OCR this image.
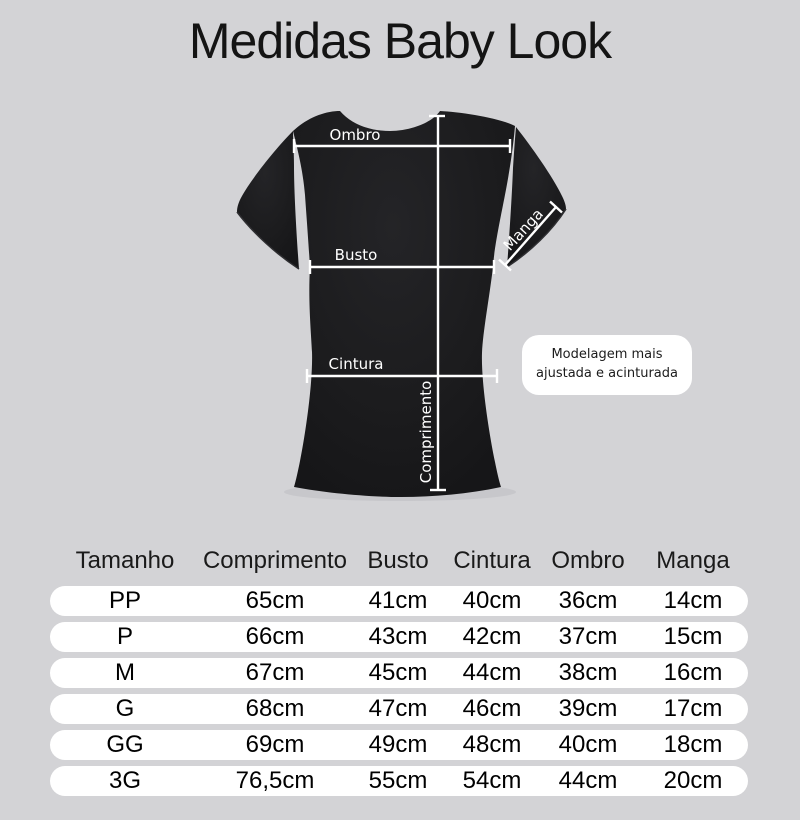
Medidas Baby Look
Ombro
Busto
Cintura
Comprimento
Manga
Modelagem mais ajustada e acinturada
Tamanho	Comprimento Busto	Cintura Ombro	Manga
PP	65cm	41cm	40cm	36cm	14cm
P	66cm	43cm	42cm	37cm	15cm
M	67cm	45cm	44cm	38cm	16cm
G	68cm	47cm	46cm	39cm	17cm
GG	69cm	49cm	48cm	40cm	18cm
3G	76,5cm	55cm	54cm	44cm	20cm
